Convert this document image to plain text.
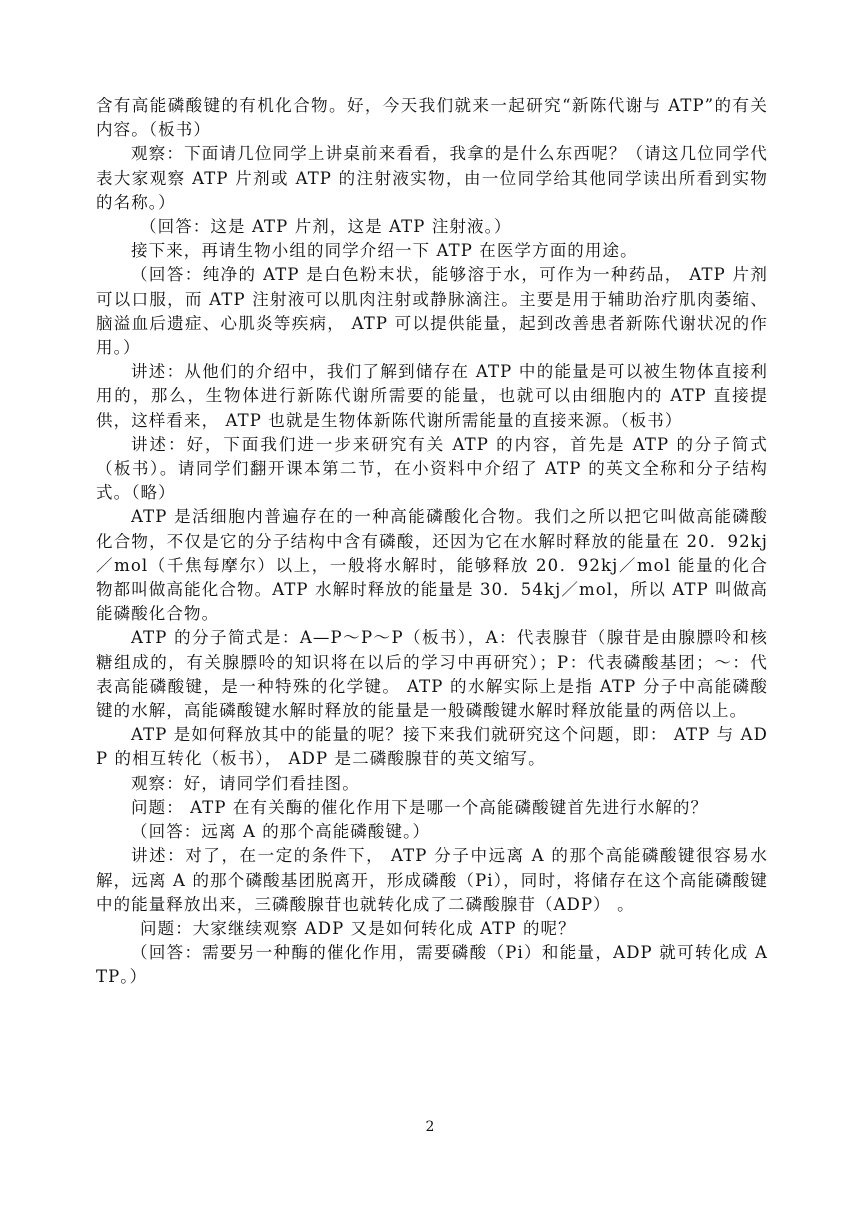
含有高能磷酸键的有机化合物。好，今天我们就来一起研究“新陈代谢与 ATP”的有关内容。（板书）

观察：下面请几位同学上讲桌前来看看，我拿的是什么东西呢？（请这几位同学代表大家观察 ATP 片剂或 ATP 的注射液实物，由一位同学给其他同学读出所看到实物的名称。）

（回答：这是 ATP 片剂，这是 ATP 注射液。）

接下来，再请生物小组的同学介绍一下 ATP 在医学方面的用途。

（回答：纯净的 ATP 是白色粉末状，能够溶于水，可作为一种药品， ATP 片剂可以口服，而 ATP 注射液可以肌肉注射或静脉滴注。主要是用于辅助治疗肌肉萎缩、脑溢血后遗症、心肌炎等疾病， ATP 可以提供能量，起到改善患者新陈代谢状况的作用。）

讲述：从他们的介绍中，我们了解到储存在 ATP 中的能量是可以被生物体直接利用的，那么，生物体进行新陈代谢所需要的能量，也就可以由细胞内的 ATP 直接提供，这样看来， ATP 也就是生物体新陈代谢所需能量的直接来源。（板书）

讲述：好，下面我们进一步来研究有关 ATP 的内容，首先是 ATP 的分子简式（板书）。请同学们翻开课本第二节，在小资料中介绍了 ATP 的英文全称和分子结构式。（略）

ATP 是活细胞内普遍存在的一种高能磷酸化合物。我们之所以把它叫做高能磷酸化合物，不仅是它的分子结构中含有磷酸，还因为它在水解时释放的能量在 20．92kj／mol（千焦每摩尔）以上，一般将水解时，能够释放 20．92kj／mol 能量的化合物都叫做高能化合物。ATP 水解时释放的能量是 30．54kj／mol，所以 ATP 叫做高能磷酸化合物。

ATP 的分子简式是：A—P～P～P（板书），A：代表腺苷（腺苷是由腺膘呤和核糖组成的，有关腺膘呤的知识将在以后的学习中再研究）；P：代表磷酸基团；～：代表高能磷酸键，是一种特殊的化学键。 ATP 的水解实际上是指 ATP 分子中高能磷酸键的水解，高能磷酸键水解时释放的能量是一般磷酸键水解时释放能量的两倍以上。

ATP 是如何释放其中的能量的呢？接下来我们就研究这个问题，即： ATP 与 ADP 的相互转化（板书）， ADP 是二磷酸腺苷的英文缩写。

观察：好，请同学们看挂图。

问题： ATP 在有关酶的催化作用下是哪一个高能磷酸键首先进行水解的？

（回答：远离 A 的那个高能磷酸键。）

讲述：对了，在一定的条件下， ATP 分子中远离 A 的那个高能磷酸键很容易水解，远离 A 的那个磷酸基团脱离开，形成磷酸（Pi），同时，将储存在这个高能磷酸键中的能量释放出来，三磷酸腺苷也就转化成了二磷酸腺苷（ADP） 。

问题：大家继续观察 ADP 又是如何转化成 ATP 的呢？

（回答：需要另一种酶的催化作用，需要磷酸（Pi）和能量，ADP 就可转化成 ATP。）

2
